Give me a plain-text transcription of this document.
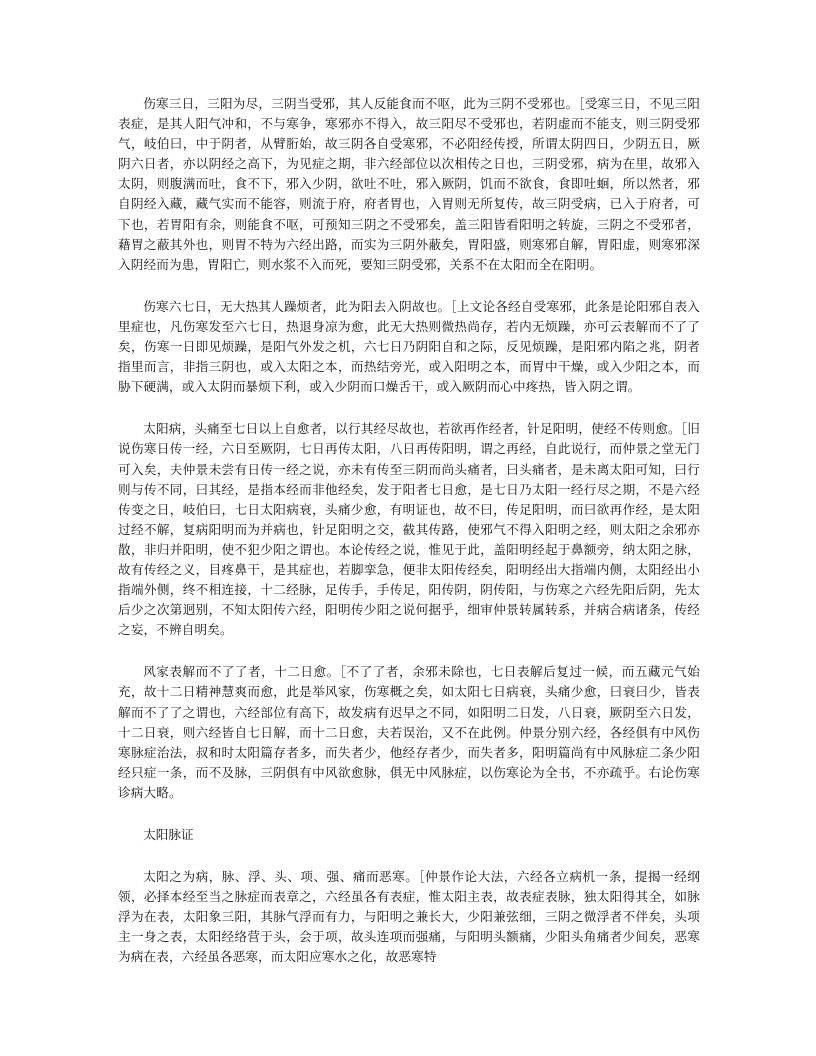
伤寒三日，三阳为尽，三阴当受邪，其人反能食而不呕，此为三阴不受邪也。［受寒三日，不见三阳表症，是其人阳气冲和，不与寒争，寒邪亦不得入，故三阳尽不受邪也，若阴虚而不能支，则三阴受邪气，岐伯曰，中于阴者，从臂胻始，故三阴各自受寒邪，不必阳经传授，所谓太阴四日，少阴五日，厥阴六日者，亦以阴经之高下，为见症之期，非六经部位以次相传之日也，三阴受邪，病为在里，故邪入太阴，则腹满而吐，食不下，邪入少阴，欲吐不吐，邪入厥阴，饥而不欲食，食即吐蛔，所以然者，邪自阴经入藏，藏气实而不能容，则流于府，府者胃也，入胃则无所复传，故三阴受病，已入于府者，可下也，若胃阳有余，则能食不呕，可预知三阴之不受邪矣，盖三阳皆看阳明之转旋，三阴之不受邪者，藉胃之蔽其外也，则胃不特为六经出路，而实为三阴外蔽矣，胃阳盛，则寒邪自解，胃阳虚，则寒邪深入阴经而为患，胃阳亡，则水浆不入而死，要知三阴受邪，关系不在太阳而全在阳明。

伤寒六七日，无大热其人躁烦者，此为阳去入阴故也。［上文论各经自受寒邪，此条是论阳邪自表入里症也，凡伤寒发至六七日，热退身凉为愈，此无大热则微热尚存，若内无烦躁，亦可云表解而不了了矣，伤寒一日即见烦躁，是阳气外发之机，六七日乃阴阳自和之际，反见烦躁，是阳邪内陷之兆，阴者指里而言，非指三阴也，或入太阳之本，而热结旁光，或入阳明之本，而胃中干燥，或入少阳之本，而胁下硬满，或入太阴而暴烦下利，或入少阴而口燥舌干，或入厥阴而心中疼热，皆入阴之谓。

太阳病，头痛至七日以上自愈者，以行其经尽故也，若欲再作经者，针足阳明，使经不传则愈。［旧说伤寒日传一经，六日至厥阴，七日再传太阳，八日再传阳明，谓之再经，自此说行，而仲景之堂无门可入矣，夫仲景未尝有日传一经之说，亦未有传至三阴而尚头痛者，曰头痛者，是未离太阳可知，曰行则与传不同，曰其经，是指本经而非他经矣，发于阳者七日愈，是七日乃太阳一经行尽之期，不是六经传变之日，岐伯曰，七日太阳病衰，头痛少愈，有明证也，故不曰，传足阳明，而曰欲再作经，是太阳过经不解，复病阳明而为并病也，针足阳明之交，截其传路，使邪气不得入阳明之经，则太阳之余邪亦散，非归并阳明，使不犯少阳之谓也。本论传经之说，惟见于此，盖阳明经起于鼻额旁，纳太阳之脉，故有传经之义，目疼鼻干，是其症也，若脚挛急，便非太阳传经矣，阳明经出大指端内侧，太阳经出小指端外侧，终不相连接，十二经脉，足传手，手传足，阳传阴，阴传阳，与伤寒之六经先阳后阴，先太后少之次第迥别，不知太阳传六经，阳明传少阳之说何据乎，细审仲景转属转系，并病合病诸条，传经之妄，不辨自明矣。

风家表解而不了了者，十二日愈。［不了了者，余邪未除也，七日表解后复过一候，而五藏元气始充，故十二日精神慧爽而愈，此是举风家，伤寒概之矣，如太阳七日病衰，头痛少愈，曰衰曰少，皆表解而不了了之谓也，六经部位有高下，故发病有迟早之不同，如阳明二日发，八日衰，厥阴至六日发，十二日衰，则六经皆自七日解，而十二日愈，夫若误治，又不在此例。仲景分别六经，各经俱有中风伤寒脉症治法，叔和时太阳篇存者多，而失者少，他经存者少，而失者多，阳明篇尚有中风脉症二条少阳经只症一条，而不及脉，三阴俱有中风欲愈脉，俱无中风脉症，以伤寒论为全书，不亦疏乎。右论伤寒诊病大略。

太阳脉证

太阳之为病，脉、浮、头、项、强、痛而恶寒。［仲景作论大法，六经各立病机一条，提揭一经纲领，必择本经至当之脉症而表章之，六经虽各有表症，惟太阳主表，故表症表脉，独太阳得其全，如脉浮为在表，太阳象三阳，其脉气浮而有力，与阳明之兼长大，少阳兼弦细，三阴之微浮者不伴矣，头项主一身之表，太阳经络营于头，会于项，故头连项而强痛，与阳明头额痛，少阳头角痛者少间矣，恶寒为病在表，六经虽各恶寒，而太阳应寒水之化，故恶寒特
